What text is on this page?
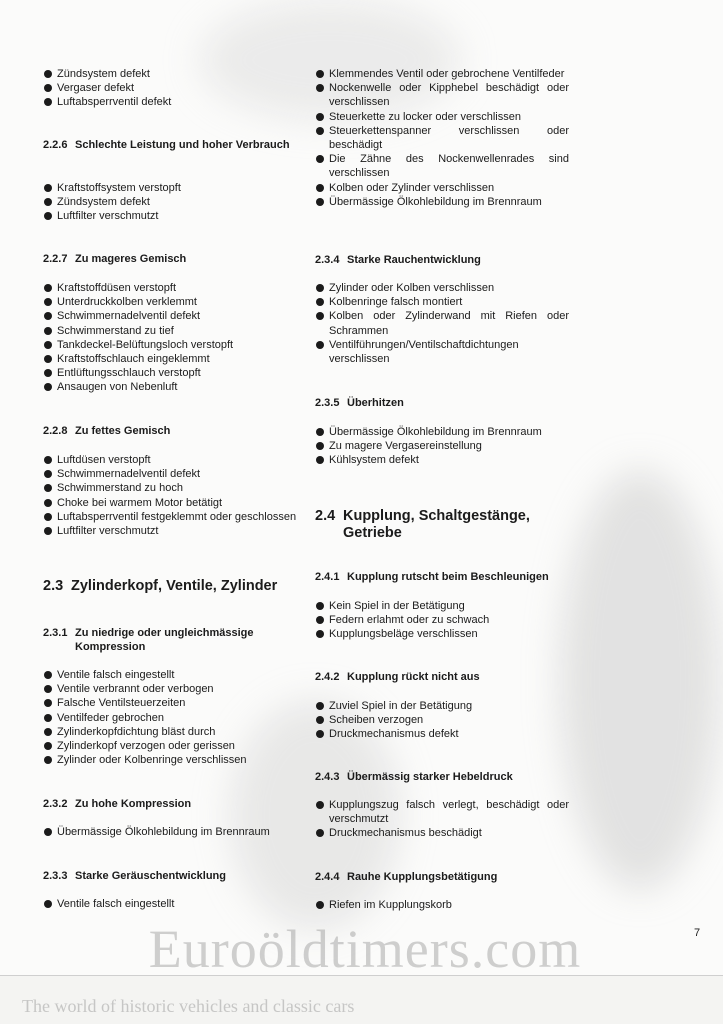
Zündsystem defekt
Vergaser defekt
Luftabsperrventil defekt
2.2.6 Schlechte Leistung und hoher Verbrauch
Kraftstoffsystem verstopft
Zündsystem defekt
Luftfilter verschmutzt
2.2.7 Zu mageres Gemisch
Kraftstoffdüsen verstopft
Unterdruckkolben verklemmt
Schwimmernadelventil defekt
Schwimmerstand zu tief
Tankdeckel-Belüftungsloch verstopft
Kraftstoffschlauch eingeklemmt
Entlüftungsschlauch verstopft
Ansaugen von Nebenluft
2.2.8 Zu fettes Gemisch
Luftdüsen verstopft
Schwimmernadelventil defekt
Schwimmerstand zu hoch
Choke bei warmem Motor betätigt
Luftabsperrventil festgeklemmt oder geschlossen
Luftfilter verschmutzt
2.3 Zylinderkopf, Ventile, Zylinder
2.3.1 Zu niedrige oder ungleichmässige Kompression
Ventile falsch eingestellt
Ventile verbrannt oder verbogen
Falsche Ventilsteuerzeiten
Ventilfeder gebrochen
Zylinderkopfdichtung bläst durch
Zylinderkopf verzogen oder gerissen
Zylinder oder Kolbenringe verschlissen
2.3.2 Zu hohe Kompression
Übermässige Ölkohlebildung im Brennraum
2.3.3 Starke Geräuschentwicklung
Ventile falsch eingestellt
Klemmendes Ventil oder gebrochene Ventilfeder
Nockenwelle oder Kipphebel beschädigt oder verschlissen
Steuerkette zu locker oder verschlissen
Steuerkettenspanner verschlissen oder beschädigt
Die Zähne des Nockenwellenrades sind verschlissen
Kolben oder Zylinder verschlissen
Übermässige Ölkohlebildung im Brennraum
2.3.4 Starke Rauchentwicklung
Zylinder oder Kolben verschlissen
Kolbenringe falsch montiert
Kolben oder Zylinderwand mit Riefen oder Schrammen
Ventilführungen/Ventilschaftdichtungen verschlissen
2.3.5 Überhitzen
Übermässige Ölkohlebildung im Brennraum
Zu magere Vergasereinstellung
Kühlsystem defekt
2.4 Kupplung, Schaltgestänge, Getriebe
2.4.1 Kupplung rutscht beim Beschleunigen
Kein Spiel in der Betätigung
Federn erlahmt oder zu schwach
Kupplungsbeläge verschlissen
2.4.2 Kupplung rückt nicht aus
Zuviel Spiel in der Betätigung
Scheiben verzogen
Druckmechanismus defekt
2.4.3 Übermässig starker Hebeldruck
Kupplungszug falsch verlegt, beschädigt oder verschmutzt
Druckmechanismus beschädigt
2.4.4 Rauhe Kupplungsbetätigung
Riefen im Kupplungskorb
7
Euroöldtimers.com
The world of historic vehicles and classic cars
